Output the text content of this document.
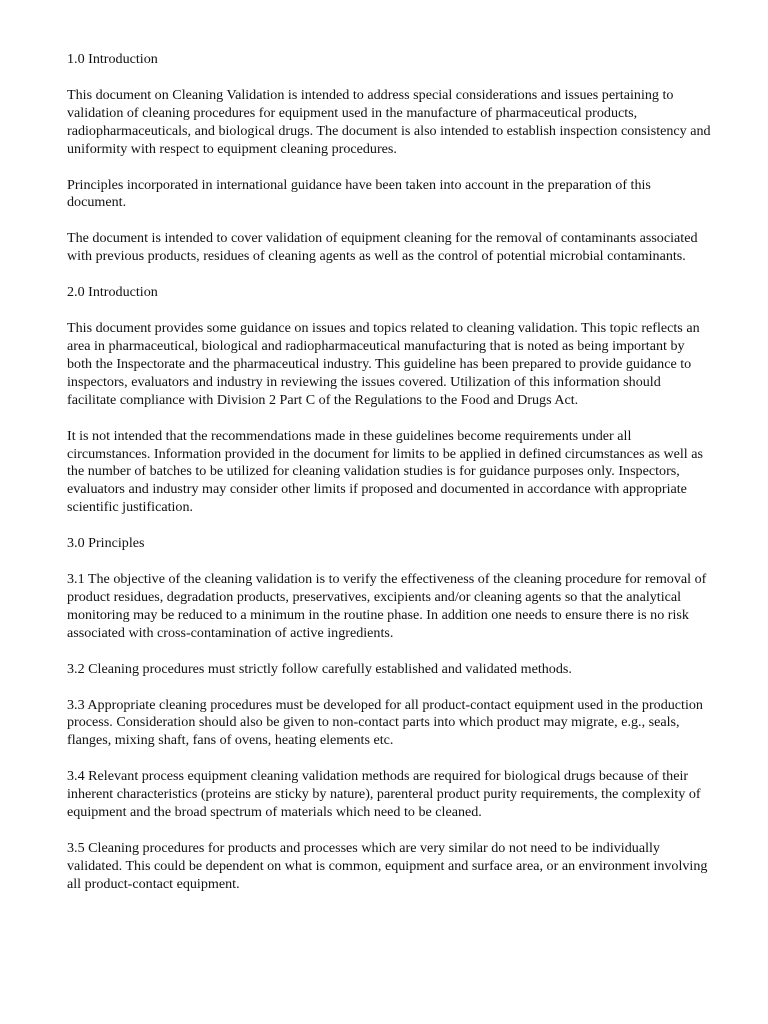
1.0 Introduction

This document on Cleaning Validation is intended to address special considerations and issues pertaining to validation of cleaning procedures for equipment used in the manufacture of pharmaceutical products, radiopharmaceuticals, and biological drugs. The document is also intended to establish inspection consistency and uniformity with respect to equipment cleaning procedures.

Principles incorporated in international guidance have been taken into account in the preparation of this document.

The document is intended to cover validation of equipment cleaning for the removal of contaminants associated with previous products, residues of cleaning agents as well as the control of potential microbial contaminants.

2.0 Introduction

This document provides some guidance on issues and topics related to cleaning validation. This topic reflects an area in pharmaceutical, biological and radiopharmaceutical manufacturing that is noted as being important by both the Inspectorate and the pharmaceutical industry. This guideline has been prepared to provide guidance to inspectors, evaluators and industry in reviewing the issues covered. Utilization of this information should facilitate compliance with Division 2 Part C of the Regulations to the Food and Drugs Act.

It is not intended that the recommendations made in these guidelines become requirements under all circumstances. Information provided in the document for limits to be applied in defined circumstances as well as the number of batches to be utilized for cleaning validation studies is for guidance purposes only. Inspectors, evaluators and industry may consider other limits if proposed and documented in accordance with appropriate scientific justification.

3.0 Principles

3.1 The objective of the cleaning validation is to verify the effectiveness of the cleaning procedure for removal of product residues, degradation products, preservatives, excipients and/or cleaning agents so that the analytical monitoring may be reduced to a minimum in the routine phase. In addition one needs to ensure there is no risk associated with cross-contamination of active ingredients.

3.2 Cleaning procedures must strictly follow carefully established and validated methods.

3.3 Appropriate cleaning procedures must be developed for all product-contact equipment used in the production process. Consideration should also be given to non-contact parts into which product may migrate, e.g., seals, flanges, mixing shaft, fans of ovens, heating elements etc.

3.4 Relevant process equipment cleaning validation methods are required for biological drugs because of their inherent characteristics (proteins are sticky by nature), parenteral product purity requirements, the complexity of equipment and the broad spectrum of materials which need to be cleaned.

3.5 Cleaning procedures for products and processes which are very similar do not need to be individually validated. This could be dependent on what is common, equipment and surface area, or an environment involving all product-contact equipment.
